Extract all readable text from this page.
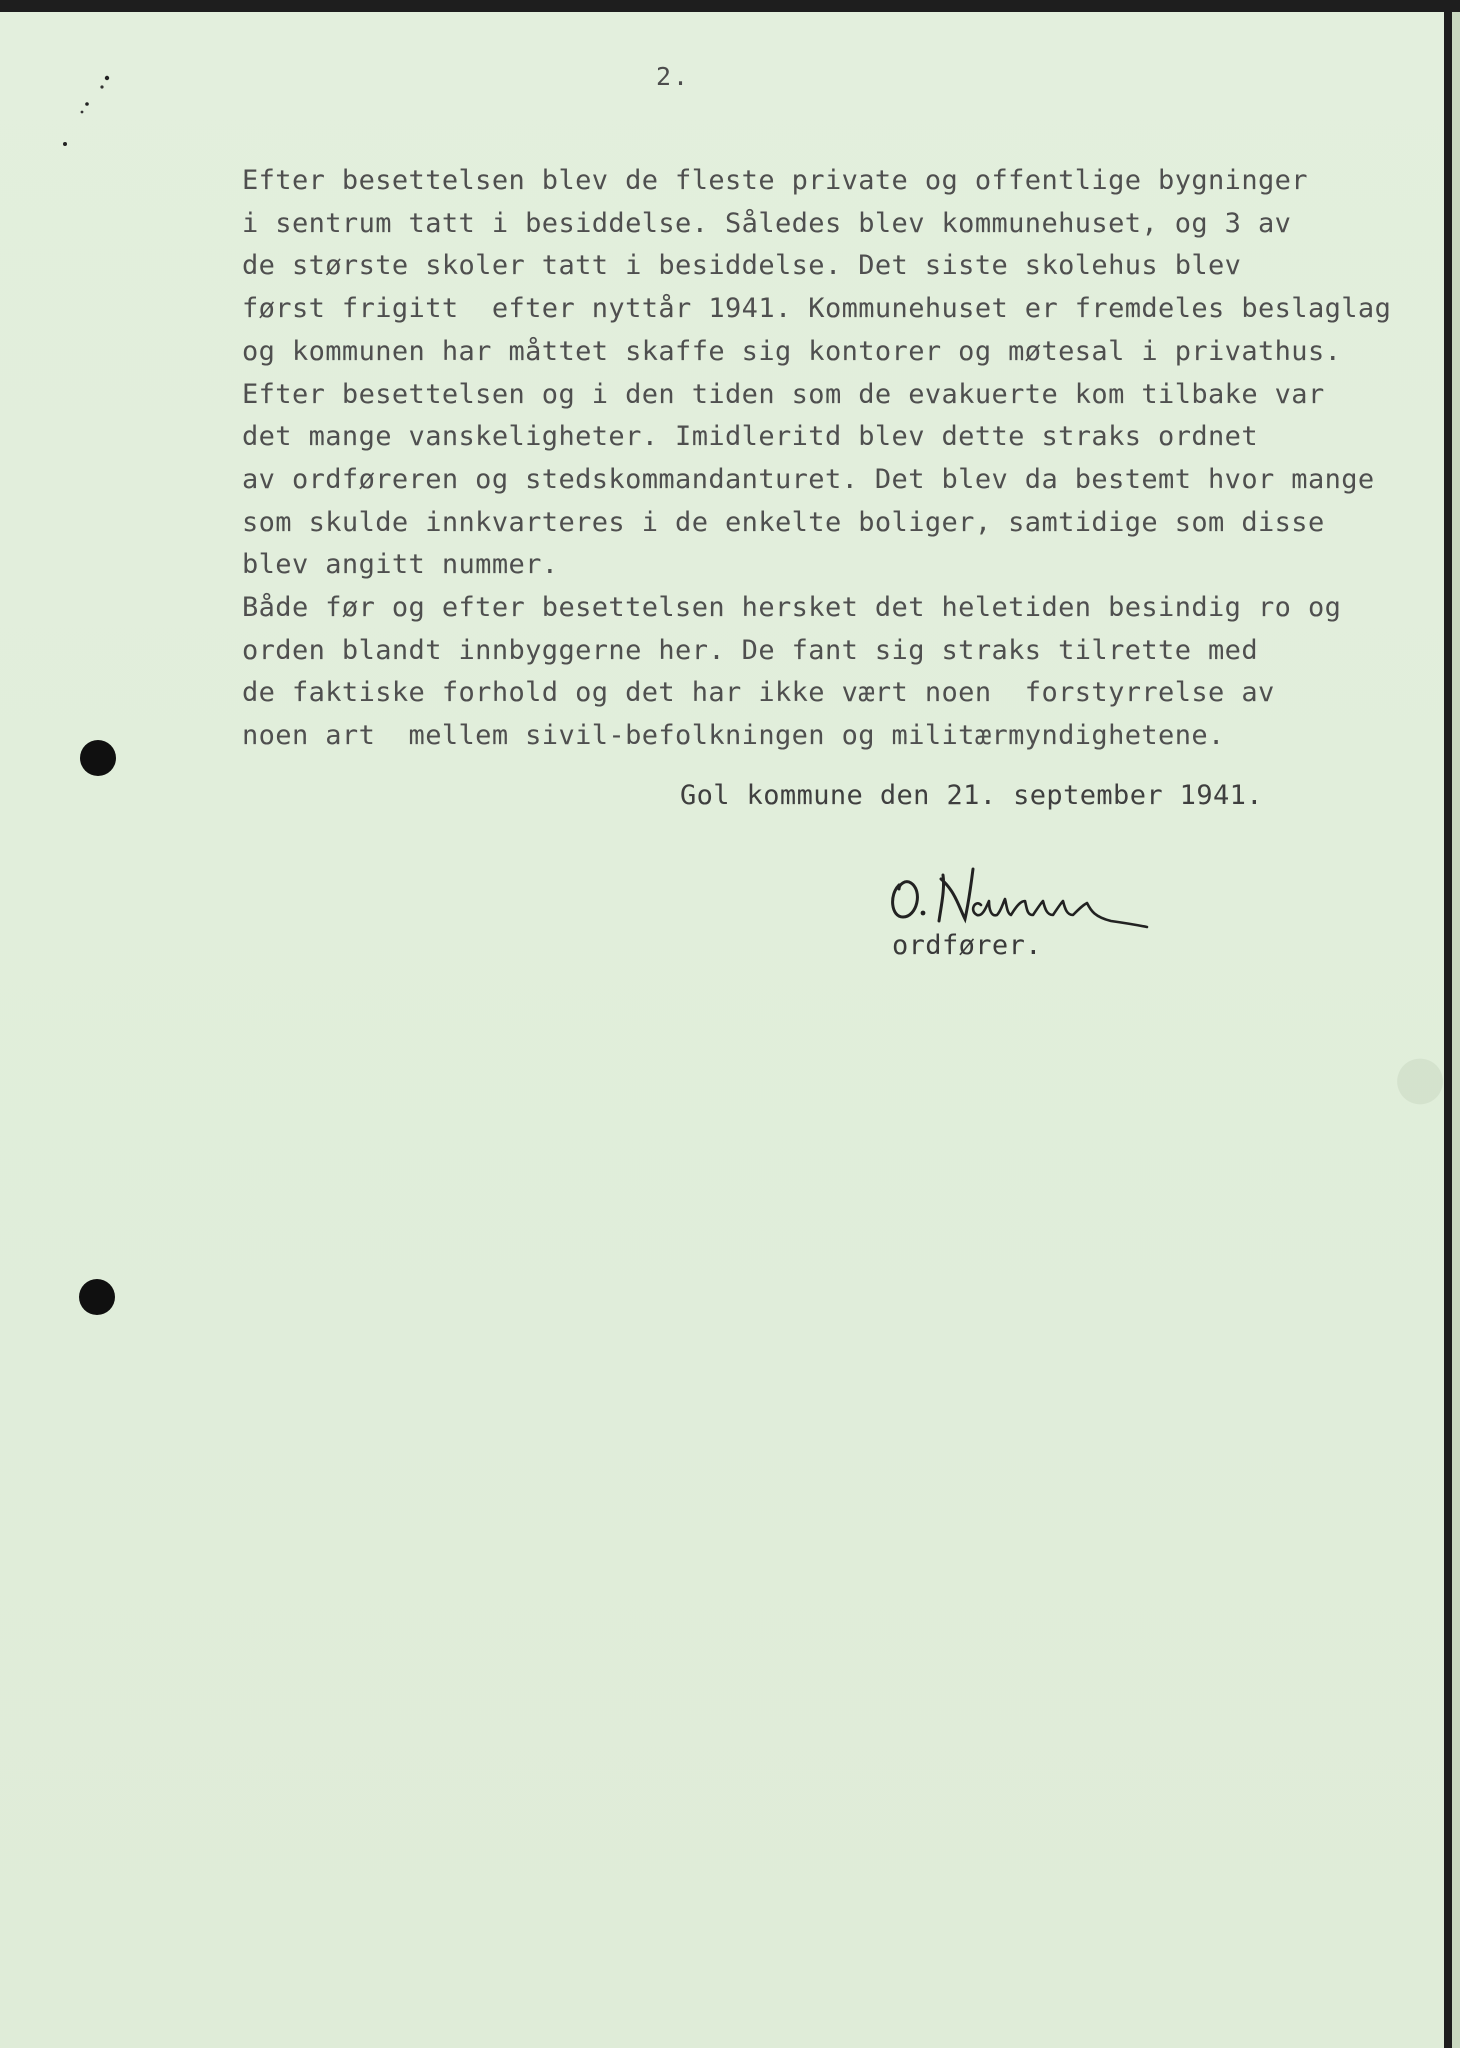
●
2.
Efter besettelsen blev de fleste private og offentlige bygninger
i sentrum tatt i besiddelse. Således blev kommunehuset, og 3 av
de største skoler tatt i besiddelse. Det siste skolehus blev
først frigitt  efter nyttår 1941. Kommunehuset er fremdeles beslaglag
og kommunen har måttet skaffe sig kontorer og møtesal i privathus.
Efter besettelsen og i den tiden som de evakuerte kom tilbake var
det mange vanskeligheter. Imidleritd blev dette straks ordnet
av ordføreren og stedskommandanturet. Det blev da bestemt hvor mange
som skulde innkvarteres i de enkelte boliger, samtidige som disse
blev angitt nummer.
Både før og efter besettelsen hersket det heletiden besindig ro og
orden blandt innbyggerne her. De fant sig straks tilrette med
de faktiske forhold og det har ikke vært noen  forstyrrelse av
noen art  mellem sivil-befolkningen og militærmyndighetene.
Gol kommune den 21. september 1941.
ordfører.
